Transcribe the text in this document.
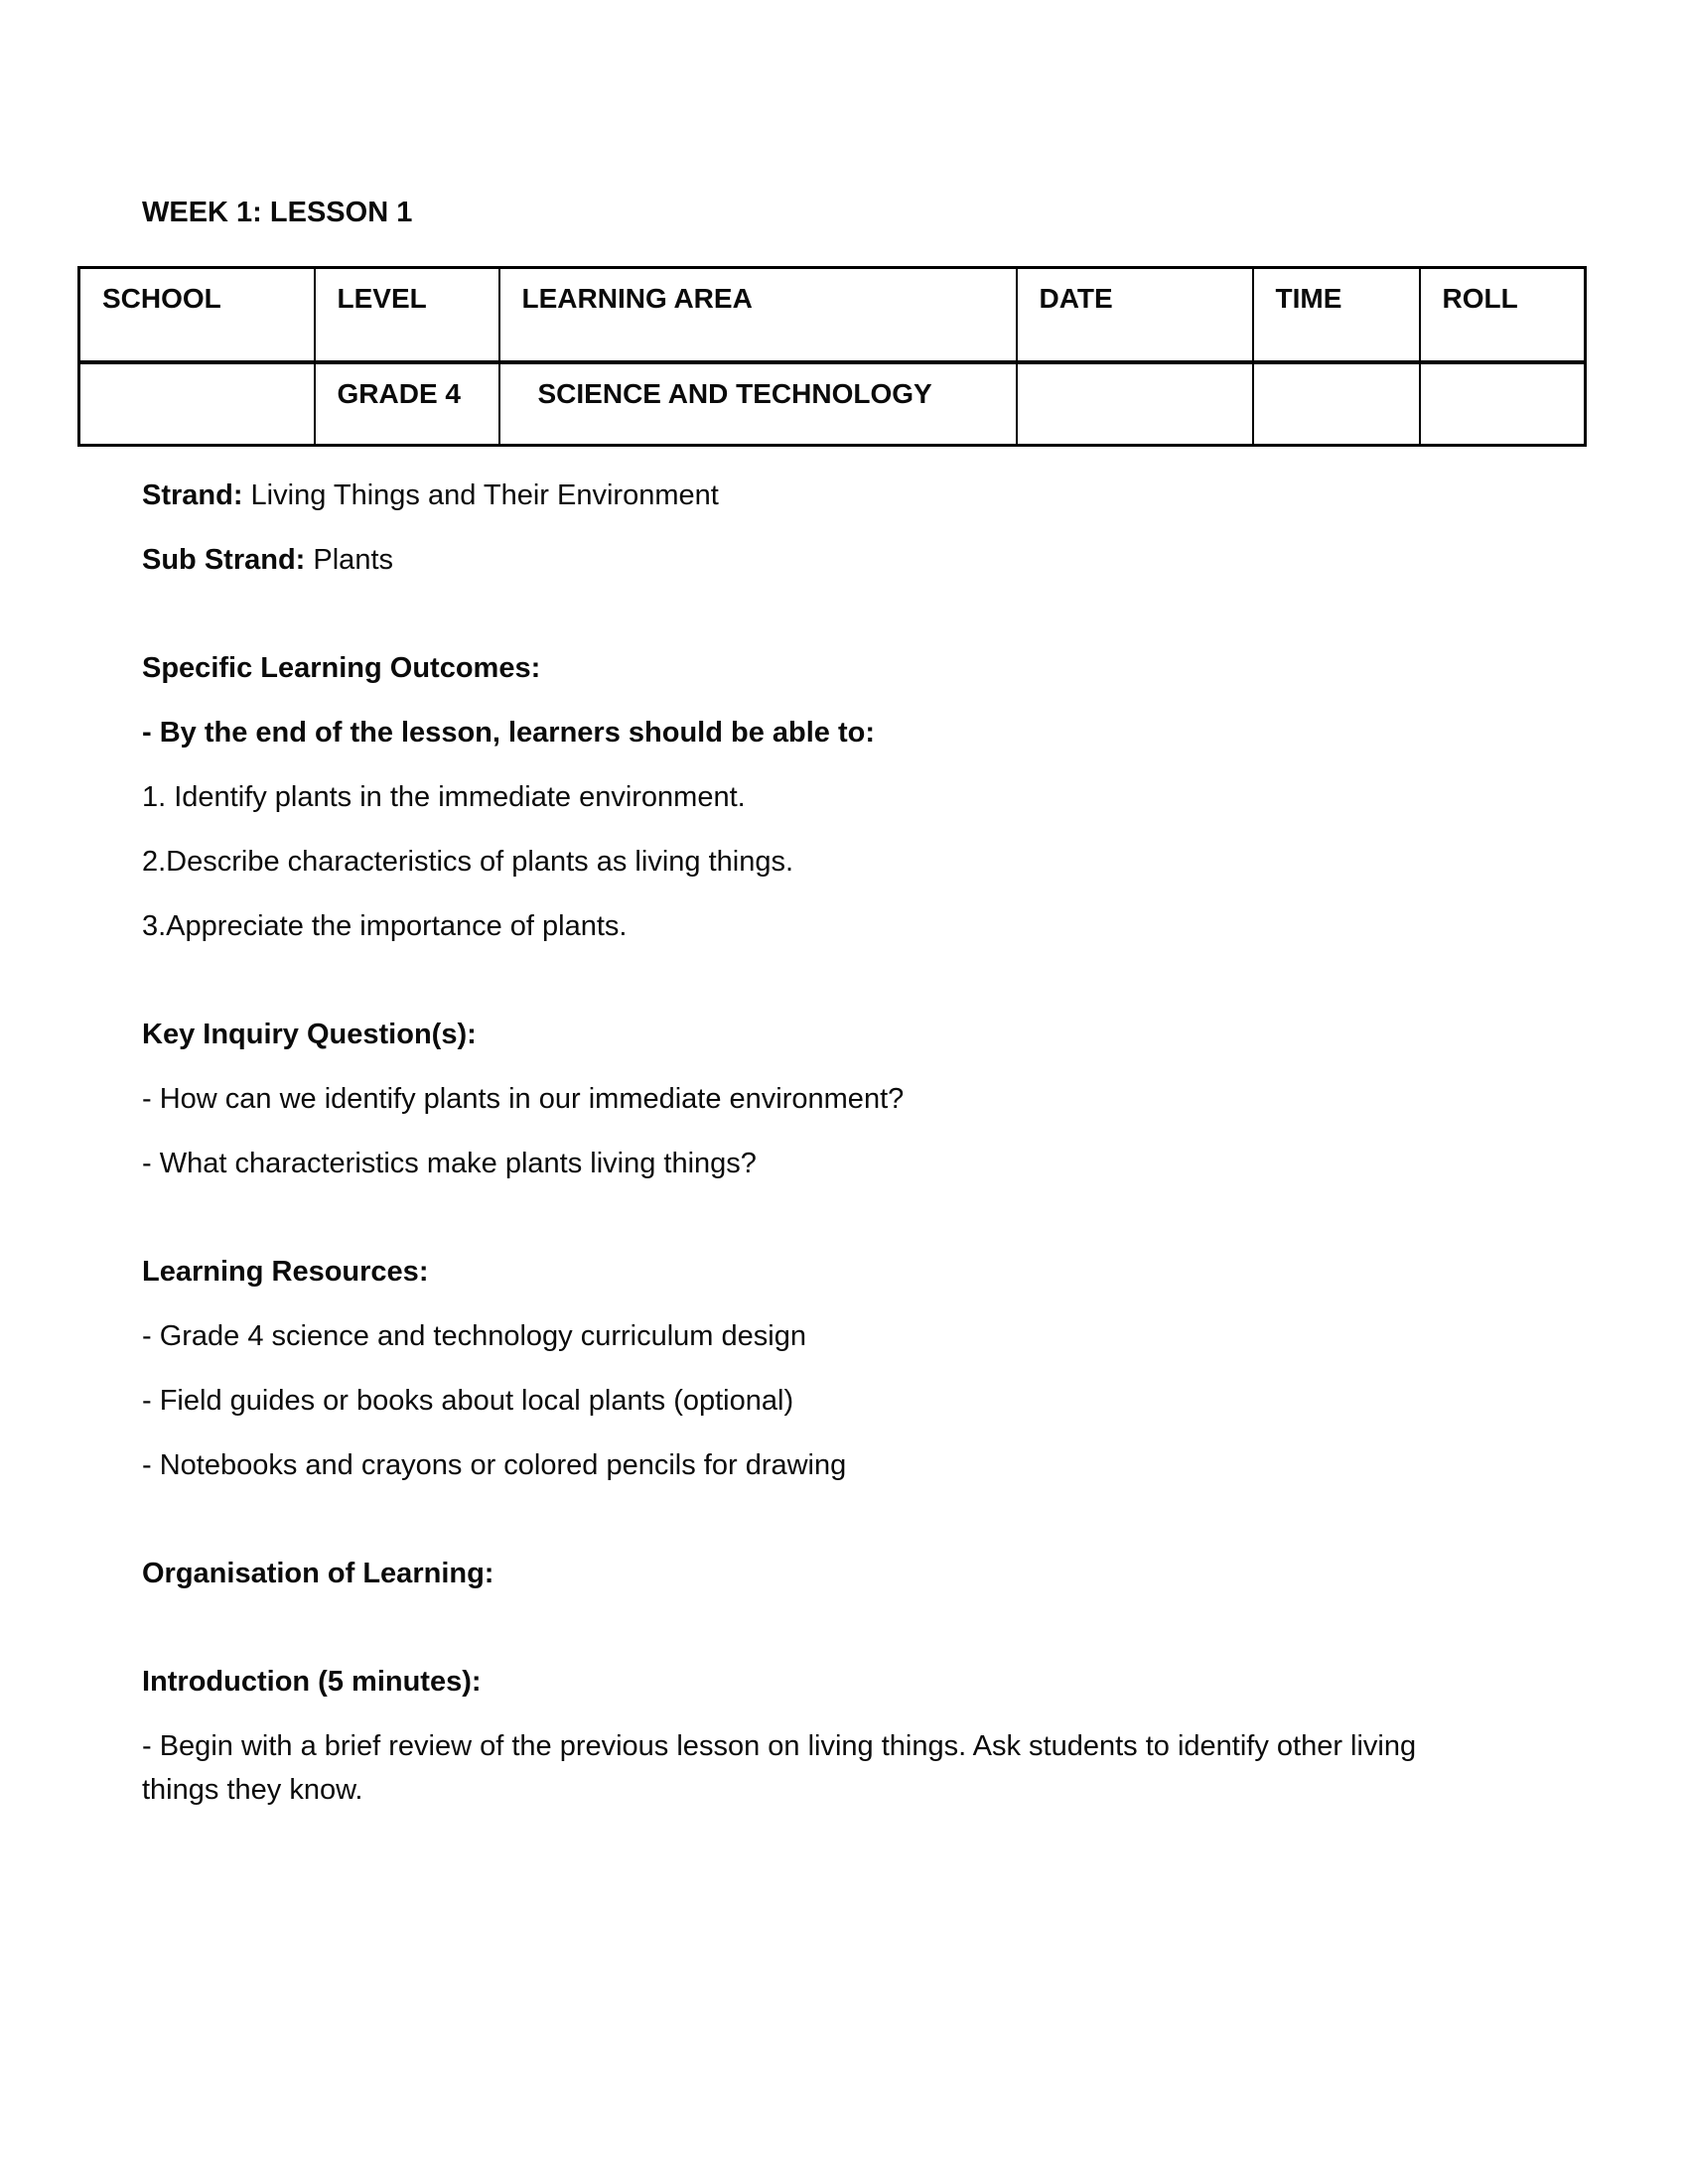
WEEK 1: LESSON 1
SCHOOL	LEVEL	LEARNING AREA	DATE	TIME	ROLL
	GRADE 4	SCIENCE AND TECHNOLOGY			

Strand: Living Things and Their Environment

Sub Strand: Plants

Specific Learning Outcomes:

- By the end of the lesson, learners should be able to:

1. Identify plants in the immediate environment.

2.Describe characteristics of plants as living things.

3.Appreciate the importance of plants.

Key Inquiry Question(s):

- How can we identify plants in our immediate environment?

- What characteristics make plants living things?

Learning Resources:

- Grade 4 science and technology curriculum design

- Field guides or books about local plants (optional)

- Notebooks and crayons or colored pencils for drawing

Organisation of Learning:

Introduction (5 minutes):

- Begin with a brief review of the previous lesson on living things. Ask students to identify other living things they know.
